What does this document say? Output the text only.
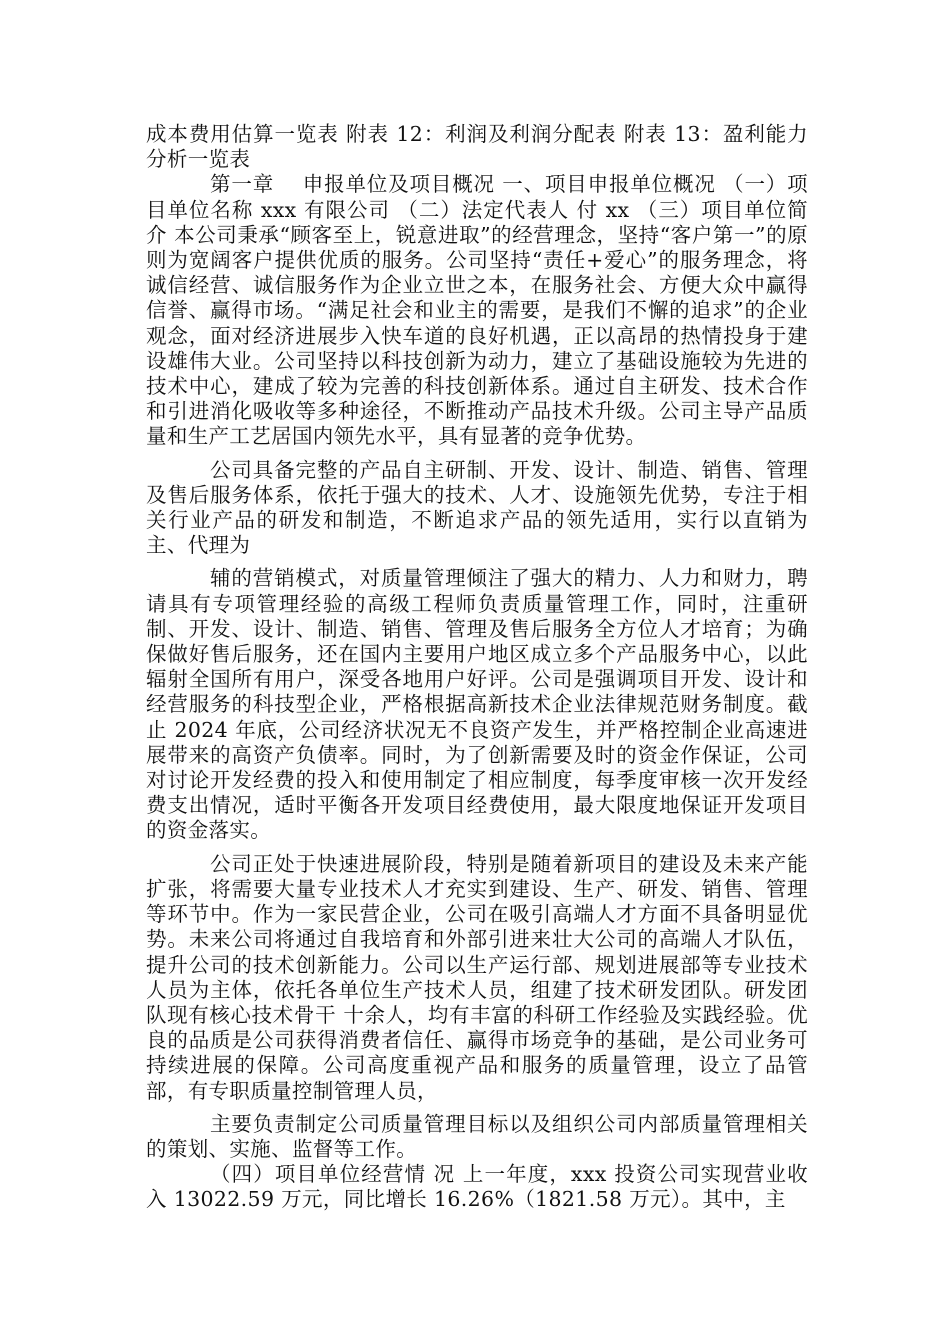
成本费用估算一览表 附表 12：利润及利润分配表 附表 13：盈利能力分析一览表

第一章　 申报单位及项目概况 一、项目申报单位概况 （一）项目单位名称 xxx 有限公司 （二）法定代表人 付 xx （三）项目单位简介 本公司秉承“顾客至上，锐意进取”的经营理念，坚持“客户第一”的原则为宽阔客户提供优质的服务。公司坚持“责任+爱心”的服务理念，将诚信经营、诚信服务作为企业立世之本，在服务社会、方便大众中赢得信誉、赢得市场。“满足社会和业主的需要，是我们不懈的追求”的企业观念，面对经济进展步入快车道的良好机遇，正以高昂的热情投身于建设雄伟大业。公司坚持以科技创新为动力，建立了基础设施较为先进的技术中心，建成了较为完善的科技创新体系。通过自主研发、技术合作和引进消化吸收等多种途径，不断推动产品技术升级。公司主导产品质量和生产工艺居国内领先水平，具有显著的竞争优势。

公司具备完整的产品自主研制、开发、设计、制造、销售、管理及售后服务体系，依托于强大的技术、人才、设施领先优势，专注于相关行业产品的研发和制造，不断追求产品的领先适用，实行以直销为主、代理为

辅的营销模式，对质量管理倾注了强大的精力、人力和财力，聘请具有专项管理经验的高级工程师负责质量管理工作，同时，注重研制、开发、设计、制造、销售、管理及售后服务全方位人才培育；为确保做好售后服务，还在国内主要用户地区成立多个产品服务中心，以此辐射全国所有用户，深受各地用户好评。公司是强调项目开发、设计和经营服务的科技型企业，严格根据高新技术企业法律规范财务制度。截止 2024 年底，公司经济状况无不良资产发生，并严格控制企业高速进展带来的高资产负债率。同时，为了创新需要及时的资金作保证，公司对讨论开发经费的投入和使用制定了相应制度，每季度审核一次开发经费支出情况，适时平衡各开发项目经费使用，最大限度地保证开发项目的资金落实。

公司正处于快速进展阶段，特别是随着新项目的建设及未来产能扩张，将需要大量专业技术人才充实到建设、生产、研发、销售、管理等环节中。作为一家民营企业，公司在吸引高端人才方面不具备明显优势。未来公司将通过自我培育和外部引进来壮大公司的高端人才队伍，提升公司的技术创新能力。公司以生产运行部、规划进展部等专业技术人员为主体，依托各单位生产技术人员，组建了技术研发团队。研发团队现有核心技术骨干 十余人，均有丰富的科研工作经验及实践经验。优良的品质是公司获得消费者信任、赢得市场竞争的基础，是公司业务可持续进展的保障。公司高度重视产品和服务的质量管理，设立了品管部，有专职质量控制管理人员，

主要负责制定公司质量管理目标以及组织公司内部质量管理相关的策划、实施、监督等工作。

（四）项目单位经营情 况 上一年度，xxx 投资公司实现营业收入 13022.59 万元，同比增长 16.26%（1821.58 万元）。其中，主
